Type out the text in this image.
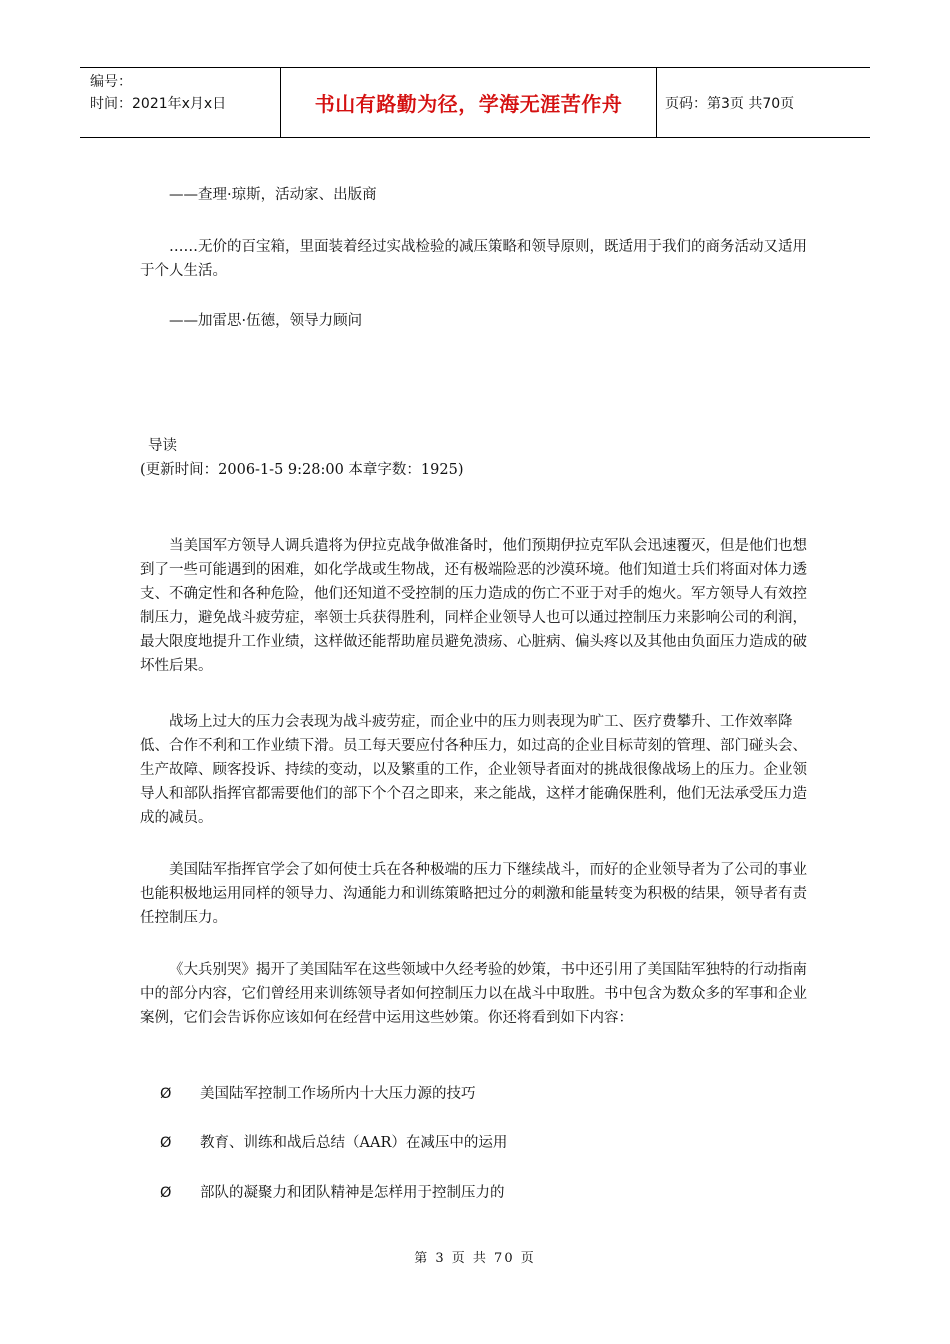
编号：
时间：2021年x月x日	书山有路勤为径，学海无涯苦作舟	页码：第3页 共70页

——查理·琼斯，活动家、出版商

……无价的百宝箱，里面装着经过实战检验的减压策略和领导原则，既适用于我们的商务活动又适用于个人生活。

——加雷思·伍德，领导力顾问

导读

(更新时间：2006-1-5 9:28:00 本章字数：1925)

当美国军方领导人调兵遣将为伊拉克战争做准备时，他们预期伊拉克军队会迅速覆灭，但是他们也想到了一些可能遇到的困难，如化学战或生物战，还有极端险恶的沙漠环境。他们知道士兵们将面对体力透支、不确定性和各种危险，他们还知道不受控制的压力造成的伤亡不亚于对手的炮火。军方领导人有效控制压力，避免战斗疲劳症，率领士兵获得胜利，同样企业领导人也可以通过控制压力来影响公司的利润，最大限度地提升工作业绩，这样做还能帮助雇员避免溃疡、心脏病、偏头疼以及其他由负面压力造成的破坏性后果。

战场上过大的压力会表现为战斗疲劳症，而企业中的压力则表现为旷工、医疗费攀升、工作效率降低、合作不利和工作业绩下滑。员工每天要应付各种压力，如过高的企业目标苛刻的管理、部门碰头会、生产故障、顾客投诉、持续的变动，以及繁重的工作，企业领导者面对的挑战很像战场上的压力。企业领导人和部队指挥官都需要他们的部下个个召之即来，来之能战，这样才能确保胜利，他们无法承受压力造成的减员。

美国陆军指挥官学会了如何使士兵在各种极端的压力下继续战斗，而好的企业领导者为了公司的事业也能积极地运用同样的领导力、沟通能力和训练策略把过分的刺激和能量转变为积极的结果，领导者有责任控制压力。

《大兵别哭》揭开了美国陆军在这些领域中久经考验的妙策，书中还引用了美国陆军独特的行动指南中的部分内容，它们曾经用来训练领导者如何控制压力以在战斗中取胜。书中包含为数众多的军事和企业案例，它们会告诉你应该如何在经营中运用这些妙策。你还将看到如下内容：

Ø 美国陆军控制工作场所内十大压力源的技巧
Ø 教育、训练和战后总结（AAR）在减压中的运用
Ø 部队的凝聚力和团队精神是怎样用于控制压力的
第 3 页 共 70 页
